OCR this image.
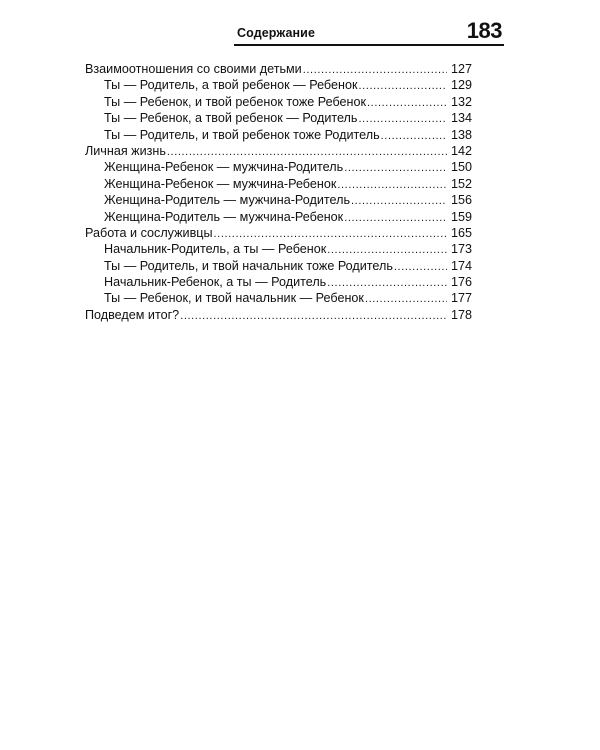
Содержание	183
Взаимоотношения со своими детьми .....	127
Ты — Родитель, а твой ребенок — Ребенок .....	129
Ты — Ребенок, и твой ребенок тоже Ребенок .....	132
Ты — Ребенок, а твой ребенок — Родитель .....	134
Ты — Родитель, и твой ребенок тоже Родитель .....	138
Личная жизнь .....	142
Женщина-Ребенок — мужчина-Родитель .....	150
Женщина-Ребенок — мужчина-Ребенок .....	152
Женщина-Родитель — мужчина-Родитель .....	156
Женщина-Родитель — мужчина-Ребенок .....	159
Работа и сослуживцы .....	165
Начальник-Родитель, а ты — Ребенок .....	173
Ты — Родитель, и твой начальник тоже Родитель .....	174
Начальник-Ребенок, а ты — Родитель .....	176
Ты — Ребенок, и твой начальник — Ребенок .....	177
Подведем итог? .....	178
